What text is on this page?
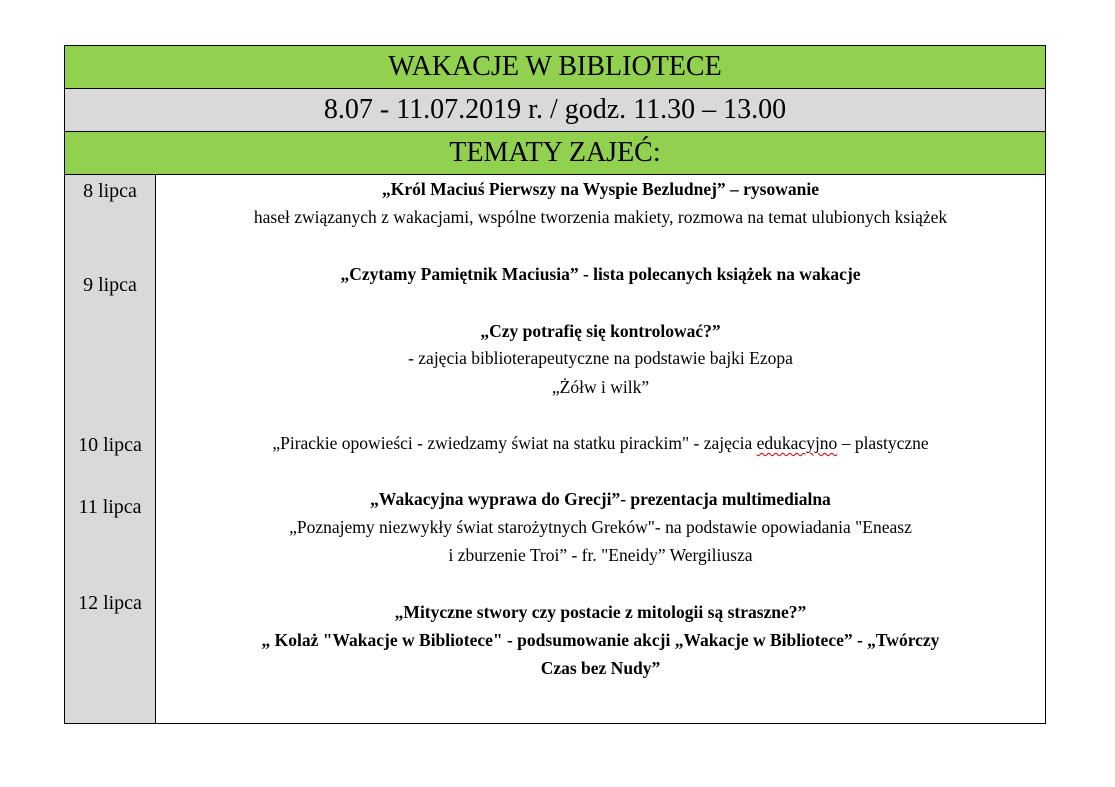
WAKACJE W BIBLIOTECE
8.07 - 11.07.2019 r. / godz. 11.30 – 13.00
TEMATY ZAJEĆ:
8 lipca
9 lipca
10 lipca
11 lipca
12 lipca
„Król Maciuś Pierwszy na Wyspie Bezludnej” – rysowanie
haseł związanych z wakacjami, wspólne tworzenia makiety, rozmowa na temat ulubionych książek
„Czytamy Pamiętnik Maciusia” - lista polecanych książek na wakacje
„Czy potrafię się kontrolować?”
- zajęcia biblioterapeutyczne na podstawie bajki Ezopa
„Żółw i wilk”
„Pirackie opowieści - zwiedzamy świat na statku pirackim" - zajęcia edukacyjno – plastyczne
„Wakacyjna wyprawa do Grecji”- prezentacja multimedialna
„Poznajemy niezwykły świat starożytnych Greków"- na podstawie opowiadania "Eneasz
i zburzenie Troi” - fr. "Eneidy” Wergiliusza
„Mityczne stwory czy postacie z mitologii są straszne?”
„ Kolaż "Wakacje w Bibliotece" - podsumowanie akcji „Wakacje w Bibliotece” - „Twórczy
Czas bez Nudy”
